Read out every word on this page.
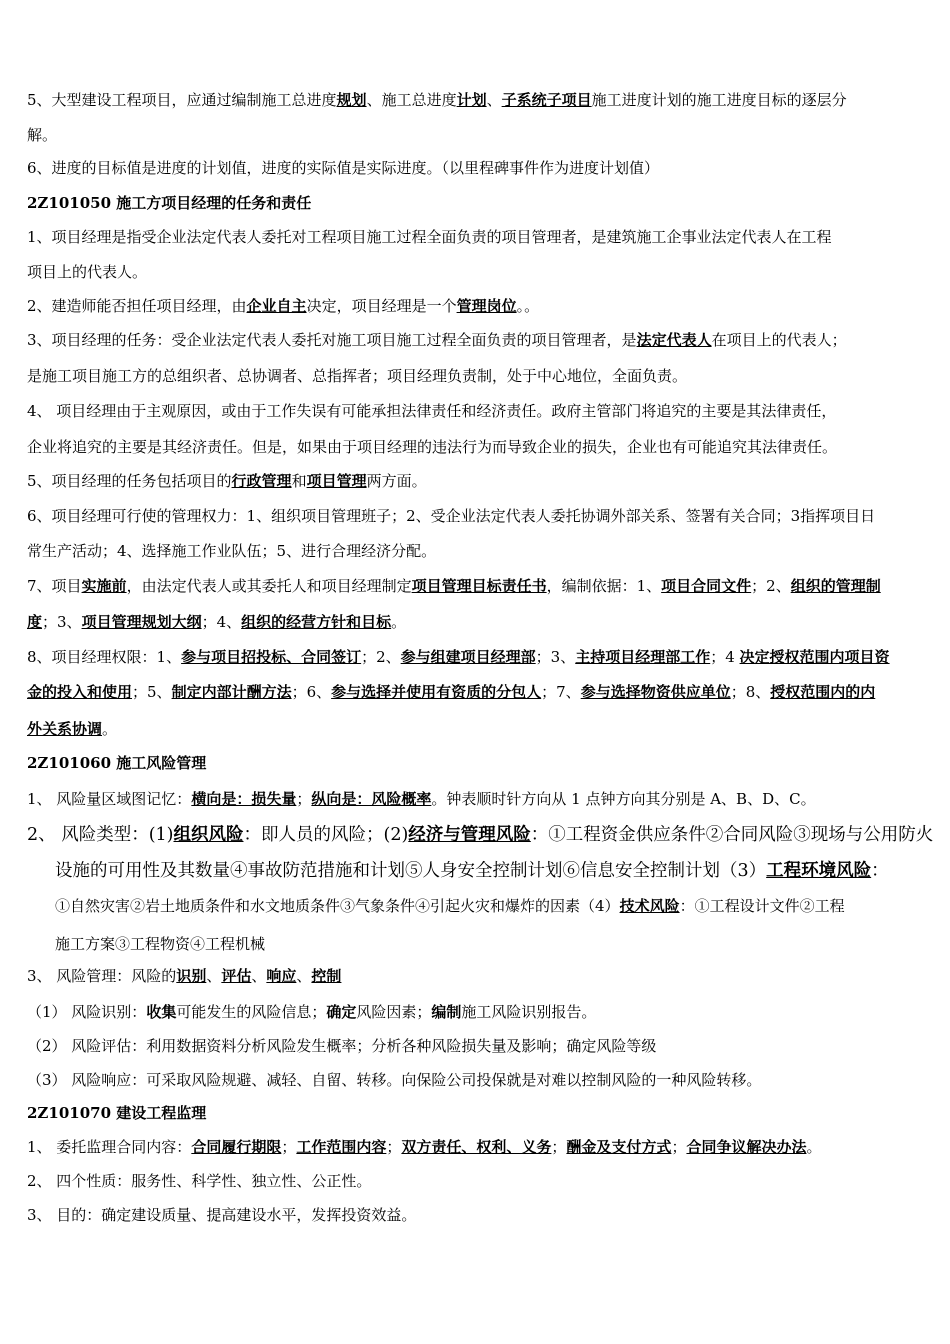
5、大型建设工程项目，应通过编制施工总进度规划、施工总进度计划、子系统子项目施工进度计划的施工进度目标的逐层分
解。
6、进度的目标值是进度的计划值，进度的实际值是实际进度。（以里程碑事件作为进度计划值）
2Z101050 施工方项目经理的任务和责任
1、项目经理是指受企业法定代表人委托对工程项目施工过程全面负责的项目管理者，是建筑施工企事业法定代表人在工程
项目上的代表人。
2、建造师能否担任项目经理，由企业自主决定，项目经理是一个管理岗位。。
3、项目经理的任务：受企业法定代表人委托对施工项目施工过程全面负责的项目管理者，是法定代表人在项目上的代表人；
是施工项目施工方的总组织者、总协调者、总指挥者；项目经理负责制，处于中心地位，全面负责。
4、 项目经理由于主观原因，或由于工作失误有可能承担法律责任和经济责任。政府主管部门将追究的主要是其法律责任，
企业将追究的主要是其经济责任。但是，如果由于项目经理的违法行为而导致企业的损失，企业也有可能追究其法律责任。
5、项目经理的任务包括项目的行政管理和项目管理两方面。
6、项目经理可行使的管理权力：1、组织项目管理班子；2、受企业法定代表人委托协调外部关系、签署有关合同；3指挥项目日
常生产活动；4、选择施工作业队伍；5、进行合理经济分配。
7、项目实施前，由法定代表人或其委托人和项目经理制定项目管理目标责任书，编制依据：1、项目合同文件；2、组织的管理制
度；3、项目管理规划大纲；4、组织的经营方针和目标。
8、项目经理权限：1、参与项目招投标、合同签订；2、参与组建项目经理部；3、主持项目经理部工作；4 决定授权范围内项目资
金的投入和使用；5、制定内部计酬方法；6、参与选择并使用有资质的分包人；7、参与选择物资供应单位；8、授权范围内的内
外关系协调。
2Z101060 施工风险管理
1、 风险量区域图记忆：横向是：损失量；纵向是：风险概率。钟表顺时针方向从 1 点钟方向其分别是 A、B、D、C。
2、 风险类型：(1)组织风险：即人员的风险；(2)经济与管理风险：①工程资金供应条件②合同风险③现场与公用防火
设施的可用性及其数量④事故防范措施和计划⑤人身安全控制计划⑥信息安全控制计划（3）工程环境风险：
①自然灾害②岩土地质条件和水文地质条件③气象条件④引起火灾和爆炸的因素（4）技术风险：①工程设计文件②工程
施工方案③工程物资④工程机械
3、 风险管理：风险的识别、评估、响应、控制
（1） 风险识别：收集可能发生的风险信息；确定风险因素；编制施工风险识别报告。
（2） 风险评估：利用数据资料分析风险发生概率；分析各种风险损失量及影响；确定风险等级
（3） 风险响应：可采取风险规避、减轻、自留、转移。向保险公司投保就是对难以控制风险的一种风险转移。
2Z101070 建设工程监理
1、 委托监理合同内容：合同履行期限；工作范围内容；双方责任、权利、义务；酬金及支付方式；合同争议解决办法。
2、 四个性质：服务性、科学性、独立性、公正性。
3、 目的：确定建设质量、提高建设水平，发挥投资效益。
